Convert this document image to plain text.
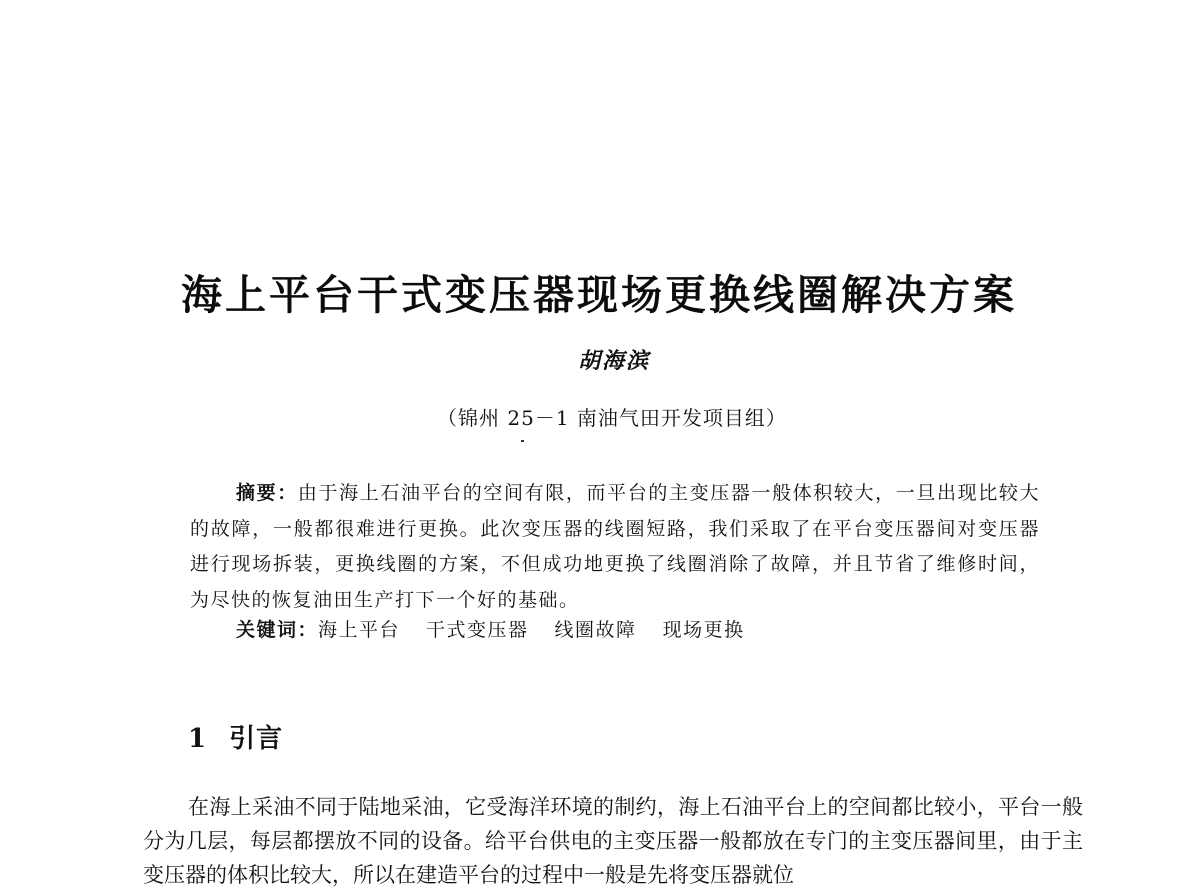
海上平台干式变压器现场更换线圈解决方案
胡海滨
（锦州 25－1 南油气田开发项目组）
摘要：由于海上石油平台的空间有限，而平台的主变压器一般体积较大，一旦出现比较大的故障，一般都很难进行更换。此次变压器的线圈短路，我们采取了在平台变压器间对变压器进行现场拆装，更换线圈的方案，不但成功地更换了线圈消除了故障，并且节省了维修时间，为尽快的恢复油田生产打下一个好的基础。
关键词：海上平台 干式变压器 线圈故障 现场更换
1 引言
在海上采油不同于陆地采油，它受海洋环境的制约，海上石油平台上的空间都比较小，平台一般分为几层，每层都摆放不同的设备。给平台供电的主变压器一般都放在专门的主变压器间里，由于主变压器的体积比较大，所以在建造平台的过程中一般是先将变压器就位
